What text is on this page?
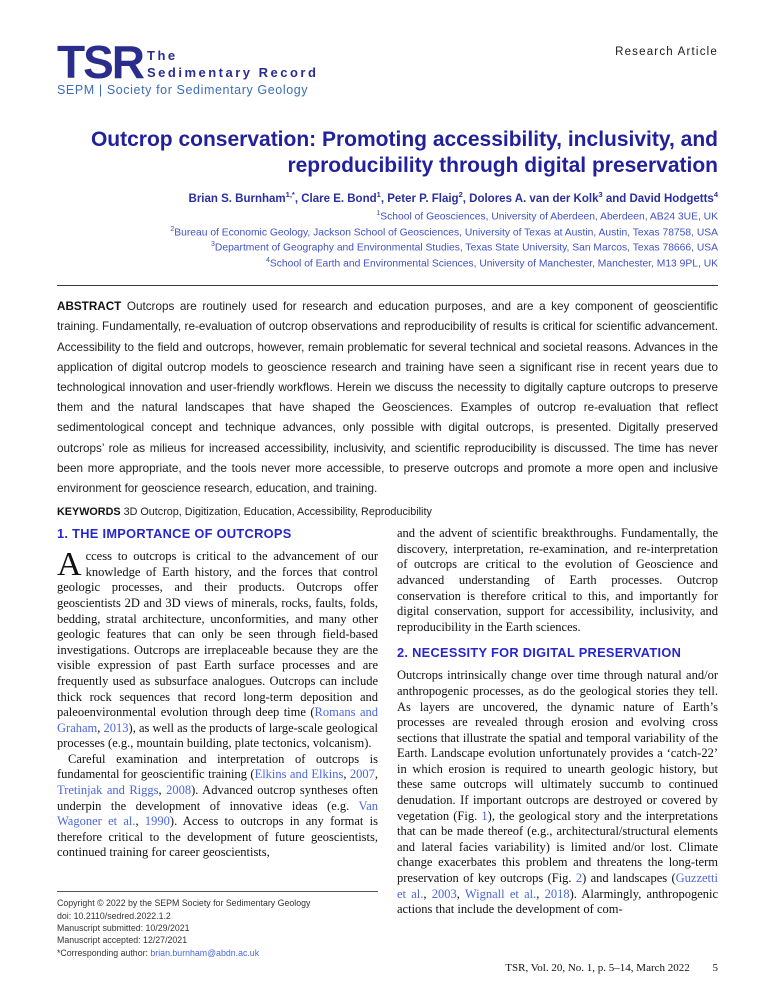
TSR The
Sedimentary Record
SEPM | Society for Sedimentary Geology
Research Article
Outcrop conservation: Promoting accessibility, inclusivity, and reproducibility through digital preservation
Brian S. Burnham$^{1,*}$, Clare E. Bond$^1$, Peter P. Flaig$^2$, Dolores A. van der Kolk$^3$ and David Hodgetts$^4$
$^1$School of Geosciences, University of Aberdeen, Aberdeen, AB24 3UE, UK
$^2$Bureau of Economic Geology, Jackson School of Geosciences, University of Texas at Austin, Austin, Texas 78758, USA
$^3$Department of Geography and Environmental Studies, Texas State University, San Marcos, Texas 78666, USA
$^4$School of Earth and Environmental Sciences, University of Manchester, Manchester, M13 9PL, UK
ABSTRACT Outcrops are routinely used for research and education purposes, and are a key component of geoscientific training. Fundamentally, re-evaluation of outcrop observations and reproducibility of results is critical for scientific advancement. Accessibility to the field and outcrops, however, remain problematic for several technical and societal reasons. Advances in the application of digital outcrop models to geoscience research and training have seen a significant rise in recent years due to technological innovation and user-friendly workflows. Herein we discuss the necessity to digitally capture outcrops to preserve them and the natural landscapes that have shaped the Geosciences. Examples of outcrop re-evaluation that reflect sedimentological concept and technique advances, only possible with digital outcrops, is presented. Digitally preserved outcrops’ role as milieus for increased accessibility, inclusivity, and scientific reproducibility is discussed. The time has never been more appropriate, and the tools never more accessible, to preserve outcrops and promote a more open and inclusive environment for geoscience research, education, and training.
KEYWORDS 3D Outcrop, Digitization, Education, Accessibility, Reproducibility
1. THE IMPORTANCE OF OUTCROPS

Access to outcrops is critical to the advancement of our knowledge of Earth history, and the forces that control geologic processes, and their products. Outcrops offer geoscientists 2D and 3D views of minerals, rocks, faults, folds, bedding, stratal architecture, unconformities, and many other geologic features that can only be seen through field-based investigations. Outcrops are irreplaceable because they are the visible expression of past Earth surface processes and are frequently used as subsurface analogues. Outcrops can include thick rock sequences that record long-term deposition and paleoenvironmental evolution through deep time (Romans and Graham, 2013), as well as the products of large-scale geological processes (e.g., mountain building, plate tectonics, volcanism).

Careful examination and interpretation of outcrops is fundamental for geoscientific training (Elkins and Elkins, 2007, Tretinjak and Riggs, 2008). Advanced outcrop syntheses often underpin the development of innovative ideas (e.g. Van Wagoner et al., 1990). Access to outcrops in any format is therefore critical to the development of future geoscientists, continued training for career geoscientists,

Copyright © 2022 by the SEPM Society for Sedimentary Geology
doi: 10.2110/sedred.2022.1.2
Manuscript submitted: 10/29/2021
Manuscript accepted: 12/27/2021
*Corresponding author: brian.burnham@abdn.ac.uk

and the advent of scientific breakthroughs. Fundamentally, the discovery, interpretation, re-examination, and re-interpretation of outcrops are critical to the evolution of Geoscience and advanced understanding of Earth processes. Outcrop conservation is therefore critical to this, and importantly for digital conservation, support for accessibility, inclusivity, and reproducibility in the Earth sciences.

2. NECESSITY FOR DIGITAL PRESERVATION

Outcrops intrinsically change over time through natural and/or anthropogenic processes, as do the geological stories they tell. As layers are uncovered, the dynamic nature of Earth’s processes are revealed through erosion and evolving cross sections that illustrate the spatial and temporal variability of the Earth. Landscape evolution unfortunately provides a ‘catch-22’ in which erosion is required to unearth geologic history, but these same outcrops will ultimately succumb to continued denudation. If important outcrops are destroyed or covered by vegetation (Fig. 1), the geological story and the interpretations that can be made thereof (e.g., architectural/structural elements and lateral facies variability) is limited and/or lost. Climate change exacerbates this problem and threatens the long-term preservation of key outcrops (Fig. 2) and landscapes (Guzzetti et al., 2003, Wignall et al., 2018). Alarmingly, anthropogenic actions that include the development of com-

TSR, Vol. 20, No. 1, p. 5–14, March 2022 5
